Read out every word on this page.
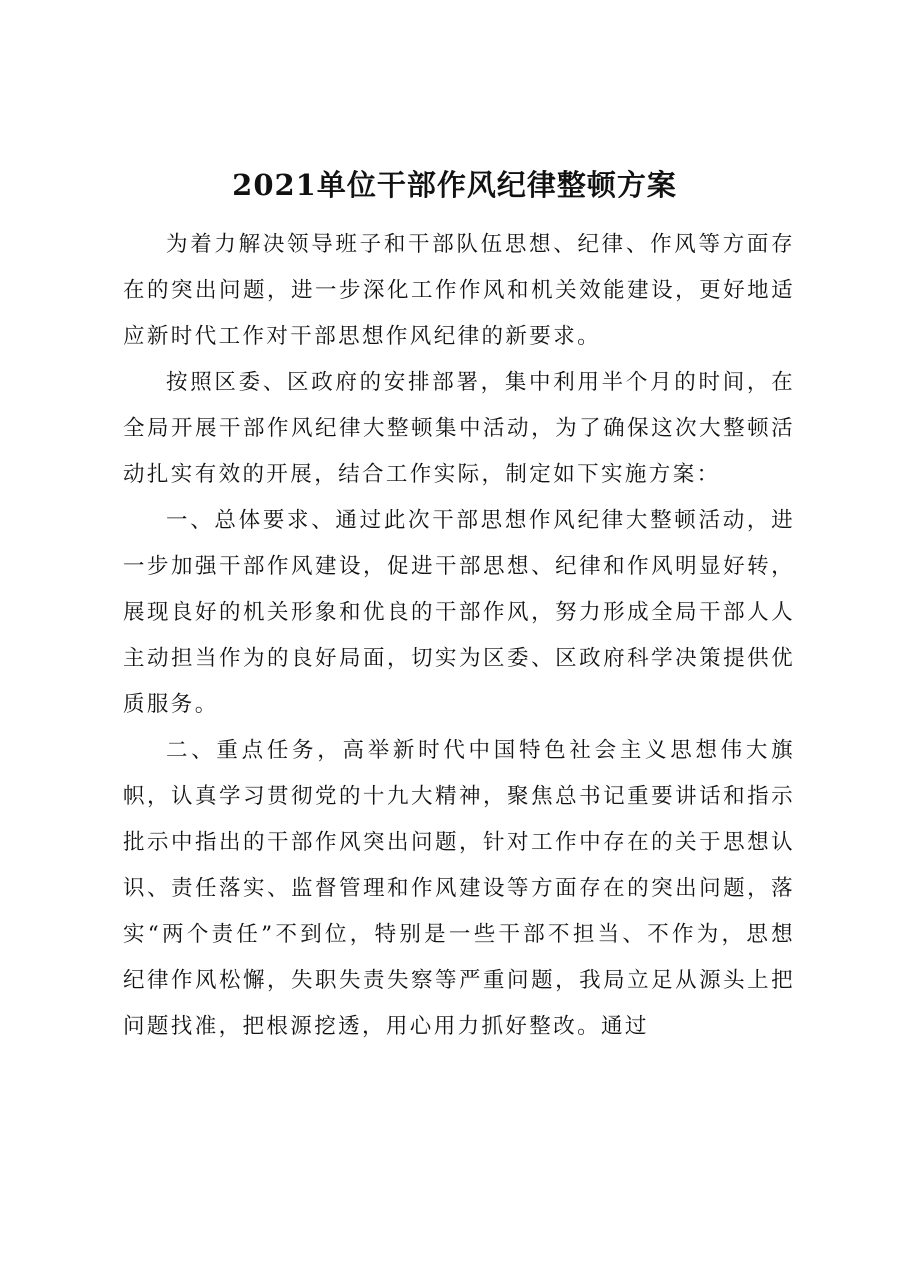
2021单位干部作风纪律整顿方案

为着力解决领导班子和干部队伍思想、纪律、作风等方面存在的突出问题，进一步深化工作作风和机关效能建设，更好地适应新时代工作对干部思想作风纪律的新要求。

按照区委、区政府的安排部署，集中利用半个月的时间，在全局开展干部作风纪律大整顿集中活动，为了确保这次大整顿活动扎实有效的开展，结合工作实际，制定如下实施方案：

一、总体要求、通过此次干部思想作风纪律大整顿活动，进一步加强干部作风建设，促进干部思想、纪律和作风明显好转，展现良好的机关形象和优良的干部作风，努力形成全局干部人人主动担当作为的良好局面，切实为区委、区政府科学决策提供优质服务。

二、重点任务，高举新时代中国特色社会主义思想伟大旗帜，认真学习贯彻党的十九大精神，聚焦总书记重要讲话和指示批示中指出的干部作风突出问题，针对工作中存在的关于思想认识、责任落实、监督管理和作风建设等方面存在的突出问题，落实“两个责任”不到位，特别是一些干部不担当、不作为，思想纪律作风松懈，失职失责失察等严重问题，我局立足从源头上把问题找准，把根源挖透，用心用力抓好整改。通过
